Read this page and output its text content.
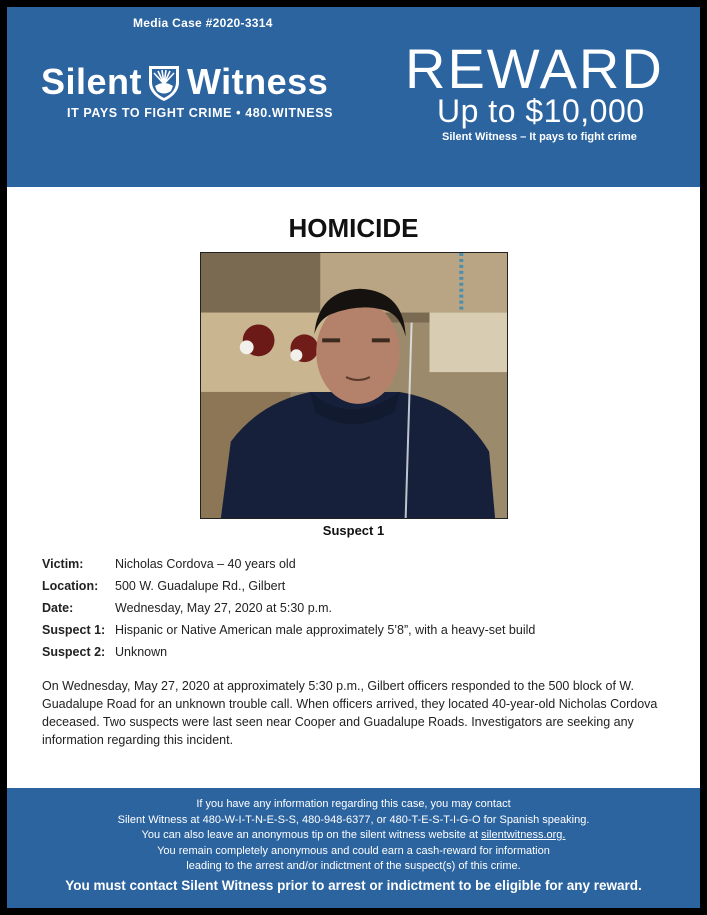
Media Case #2020-3314
Silent Witness
IT PAYS TO FIGHT CRIME • 480.WITNESS
REWARD
Up to $10,000
Silent Witness – It pays to fight crime
HOMICIDE
Suspect 1
Victim:	Nicholas Cordova – 40 years old
Location:	500 W. Guadalupe Rd., Gilbert
Date:	Wednesday, May 27, 2020 at 5:30 p.m.
Suspect 1: Hispanic or Native American male approximately 5’8”, with a heavy-set build
Suspect 2: Unknown
On Wednesday, May 27, 2020 at approximately 5:30 p.m., Gilbert officers responded to the 500 block of W. Guadalupe Road for an unknown trouble call. When officers arrived, they located 40-year-old Nicholas Cordova deceased. Two suspects were last seen near Cooper and Guadalupe Roads. Investigators are seeking any information regarding this incident.
If you have any information regarding this case, you may contact
Silent Witness at 480-W-I-T-N-E-S-S, 480-948-6377, or 480-T-E-S-T-I-G-O for Spanish speaking.
You can also leave an anonymous tip on the silent witness website at silentwitness.org.
You remain completely anonymous and could earn a cash-reward for information
leading to the arrest and/or indictment of the suspect(s) of this crime.
You must contact Silent Witness prior to arrest or indictment to be eligible for any reward.
